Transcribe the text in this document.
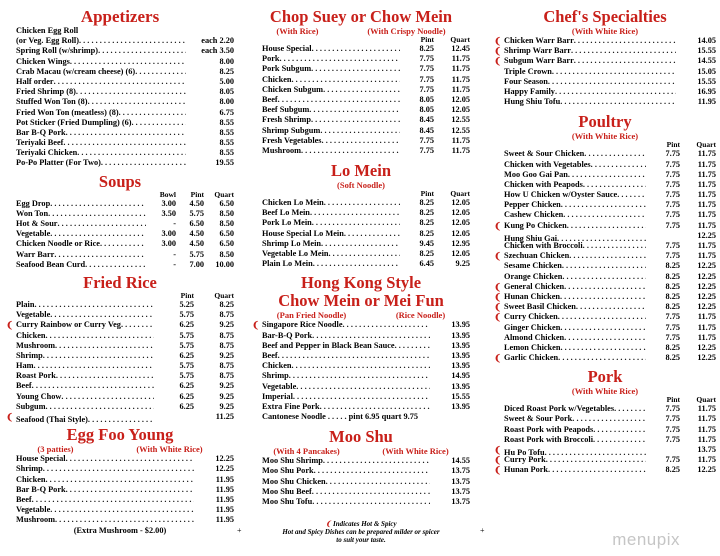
Appetizers
Chicken Egg Roll
(or Veg. Egg Roll) . . .	each 2.20
Spring Roll (w/shrimp) . . .	each 3.50
Chicken Wings . . .	8.00
Crab Macau (w/cream cheese) (6) . . .	8.25
Half order . . .	5.00
Fried Shrimp (8) . . .	8.05
Stuffed Won Ton (8) . . .	8.00
Fried Won Ton (meatless) (8) . . .	6.75
Pot Sticker (Fried Dumpling) (6) . . .	8.55
Bar B-Q Pork . . .	8.55
Teriyaki Beef . . .	8.55
Teriyaki Chicken . . .	8.55
Po-Po Platter (For Two) . . .	19.55
Soups
Bowl	Pint	Quart
Egg Drop . . .	3.00	4.50	6.50
Won Ton . . .	3.50	5.75	8.50
Hot & Sour . . .	-	6.50	8.50
Vegetable . . .	3.00	4.50	6.50
Chicken Noodle or Rice . . .	3.00	4.50	6.50
Warr Barr . . .	-	5.75	8.50
Seafood Bean Curd . . .	-	7.00	10.00
Fried Rice
Pint	Quart
Plain . . .	5.25	8.25
Vegetable . . .	5.75	8.75
❨ Curry Rainbow or Curry Veg . . .	6.25	9.25
Chicken . . .	5.75	8.75
Mushroom . . .	5.75	8.75
Shrimp . . .	6.25	9.25
Ham . . .	5.75	8.75
Roast Pork . . .	5.75	8.75
Beef . . .	6.25	9.25
Young Chow . . .	6.25	9.25
Subgum . . .	6.25	9.25
❨ Seafood (Thai Style) . . .	11.25
Egg Foo Young
(3 patties)	(With White Rice)
House Special . . .	12.25
Shrimp . . .	12.25
Chicken . . .	11.95
Bar B-Q Pork . . .	11.95
Beef . . .	11.95
Vegetable . . .	11.95
Mushroom . . .	11.95
(Extra Mushroom - $2.00)
Chop Suey or Chow Mein
(With Rice)	(With Crispy Noodle)
Pint	Quart
House Special . . .	8.25	12.45
Pork . . .	7.75	11.75
Pork Subgum . . .	7.75	11.75
Chicken . . .	7.75	11.75
Chicken Subgum . . .	7.75	11.75
Beef . . .	8.05	12.05
Beef Subgum . . .	8.05	12.05
Fresh Shrimp . . .	8.45	12.55
Shrimp Subgum . . .	8.45	12.55
Fresh Vegetables . . .	7.75	11.75
Mushroom . . .	7.75	11.75
Lo Mein
(Soft Noodle)
Pint	Quart
Chicken Lo Mein . . .	8.25	12.05
Beef Lo Mein . . .	8.25	12.05
Pork Lo Mein . . .	8.25	12.05
House Special Lo Mein . . .	8.25	12.05
Shrimp Lo Mein . . .	9.45	12.95
Vegetable Lo Mein . . .	8.25	12.05
Plain Lo Mein . . .	6.45	9.25
Hong Kong Style
Chow Mein or Mei Fun
(Pan Fried Noodle)	(Rice Noodle)
❨ Singapore Rice Noodle . . .	13.95
Bar-B-Q Pork . . .	13.95
Beef and Pepper in Black Bean Sauce . . .	13.95
Beef . . .	13.95
Chicken . . .	13.95
Shrimp . . .	14.95
Vegetable . . .	13.95
Imperial . . .	15.55
Extra Fine Pork . . .	13.95
Cantonese Noodle . . . . . pint 6.95 quart 9.75
Moo Shu
(With 4 Pancakes)	(With White Rice)
Moo Shu Shrimp . . .	14.55
Moo Shu Pork . . .	13.75
Moo Shu Chicken . . .	13.75
Moo Shu Beef . . .	13.75
Moo Shu Tofu . . .	13.75
Chef's Specialties
(With White Rice)
❨ Chicken Warr Barr . . .	14.05
❨ Shrimp Warr Barr . . .	15.55
❨ Subgum Warr Barr . . .	14.55
Triple Crown . . .	15.05
Four Season . . .	15.55
Happy Family . . .	16.95
Hung Shiu Tofu . . .	11.95
Poultry
(With White Rice)
Pint	Quart
Sweet & Sour Chicken . . .	7.75	11.75
Chicken with Vegetables . . .	7.75	11.75
Moo Goo Gai Pan . . .	7.75	11.75
Chicken with Peapods . . .	7.75	11.75
How U Chicken w/Oyster Sauce . . .	7.75	11.75
Pepper Chicken . . .	7.75	11.75
Cashew Chicken . . .	7.75	11.75
❨ Kung Po Chicken . . .	7.75	11.75
Hung Shiu Gai . . .	12.25
Chicken with Broccoli . . .	7.75	11.75
❨ Szechuan Chicken . . .	7.75	11.75
Sesame Chicken . . .	8.25	12.25
Orange Chicken . . .	8.25	12.25
❨ General Chicken . . .	8.25	12.25
❨ Hunan Chicken . . .	8.25	12.25
❨ Sweet Basil Chicken . . .	8.25	12.25
❨ Curry Chicken . . .	7.75	11.75
Ginger Chicken . . .	7.75	11.75
Almond Chicken . . .	7.75	11.75
Lemon Chicken . . .	8.25	12.25
❨ Garlic Chicken . . .	8.25	12.25
Pork
(With White Rice)
Pint	Quart
Diced Roast Pork w/Vegetables . . .	7.75	11.75
Sweet & Sour Pork . . .	7.75	11.75
Roast Pork with Peapods . . .	7.75	11.75
Roast Pork with Broccoli . . .	7.75	11.75
❨ Hu Po Tofu . . .	13.75
❨ Curry Pork . . .	7.75	11.75
❨ Hunan Pork . . .	8.25	12.25
❨ Indicates Hot & Spicy
Hot and Spicy Dishes can be prepared milder or spicer
to suit your taste.
+	+	menupix
